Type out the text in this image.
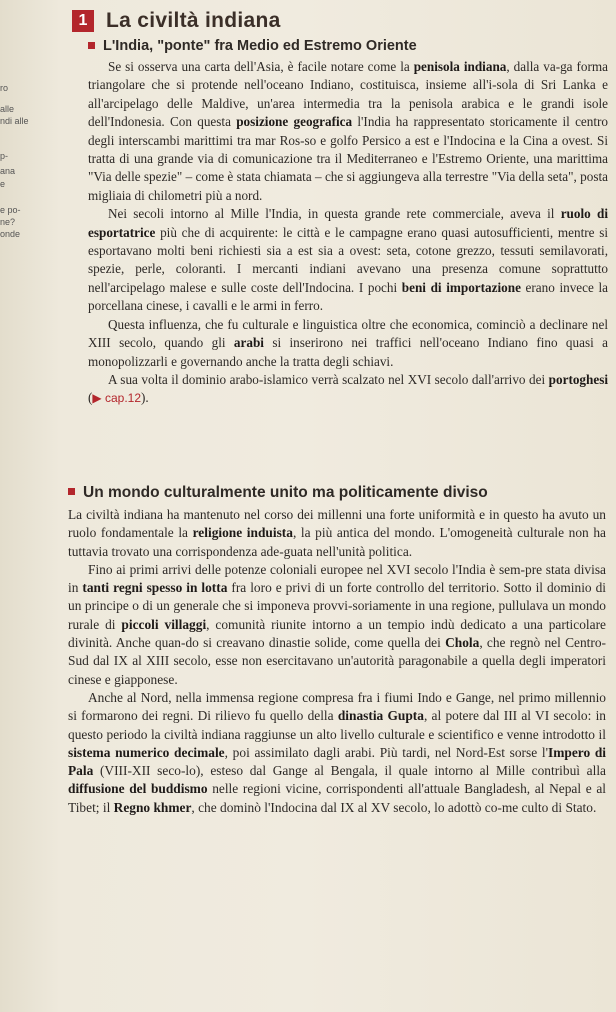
1 La civiltà indiana
ro
alle
ndi alle
p-
ana
e
e po-
ne?
onde
L'India, "ponte" fra Medio ed Estremo Oriente

Se si osserva una carta dell'Asia, è facile notare come la penisola indiana, dalla va-ga forma triangolare che si protende nell'oceano Indiano, costituisca, insieme all'i-sola di Sri Lanka e all'arcipelago delle Maldive, un'area intermedia tra la penisola arabica e le grandi isole dell'Indonesia. Con questa posizione geografica l'India ha rappresentato storicamente il centro degli interscambi marittimi tra mar Ros-so e golfo Persico a est e l'Indocina e la Cina a ovest. Si tratta di una grande via di comunicazione tra il Mediterraneo e l'Estremo Oriente, una marittima "Via delle spezie" – come è stata chiamata – che si aggiungeva alla terrestre "Via della seta", posta migliaia di chilometri più a nord.

Nei secoli intorno al Mille l'India, in questa grande rete commerciale, aveva il ruolo di esportatrice più che di acquirente: le città e le campagne erano quasi autosufficienti, mentre si esportavano molti beni richiesti sia a est sia a ovest: seta, cotone grezzo, tessuti semilavorati, spezie, perle, coloranti. I mercanti indiani avevano una presenza comune soprattutto nell'arcipelago malese e sulle coste dell'Indocina. I pochi beni di importazione erano invece la porcellana cinese, i cavalli e le armi in ferro.

Questa influenza, che fu culturale e linguistica oltre che economica, cominciò a declinare nel XIII secolo, quando gli arabi si inserirono nei traffici nell'oceano Indiano fino quasi a monopolizzarli e governando anche la tratta degli schiavi.

A sua volta il dominio arabo-islamico verrà scalzato nel XVI secolo dall'arrivo dei portoghesi (▶ cap.12).

Un mondo culturalmente unito ma politicamente diviso

La civiltà indiana ha mantenuto nel corso dei millenni una forte uniformità e in questo ha avuto un ruolo fondamentale la religione induista, la più antica del mondo. L'omogeneità culturale non ha tuttavia trovato una corrispondenza ade-guata nell'unità politica.

Fino ai primi arrivi delle potenze coloniali europee nel XVI secolo l'India è sem-pre stata divisa in tanti regni spesso in lotta fra loro e privi di un forte controllo del territorio. Sotto il dominio di un principe o di un generale che si imponeva provvi-soriamente in una regione, pullulava un mondo rurale di piccoli villaggi, comunità riunite intorno a un tempio indù dedicato a una particolare divinità. Anche quan-do si creavano dinastie solide, come quella dei Chola, che regnò nel Centro-Sud dal IX al XIII secolo, esse non esercitavano un'autorità paragonabile a quella degli imperatori cinese e giapponese.

Anche al Nord, nella immensa regione compresa fra i fiumi Indo e Gange, nel primo millennio si formarono dei regni. Di rilievo fu quello della dinastia Gupta, al potere dal III al VI secolo: in questo periodo la civiltà indiana raggiunse un alto livello culturale e scientifico e venne introdotto il sistema numerico decimale, poi assimilato dagli arabi. Più tardi, nel Nord-Est sorse l'Impero di Pala (VIII-XII seco-lo), esteso dal Gange al Bengala, il quale intorno al Mille contribuì alla diffusione del buddismo nelle regioni vicine, corrispondenti all'attuale Bangladesh, al Nepal e al Tibet; il Regno khmer, che dominò l'Indocina dal IX al XV secolo, lo adottò co-me culto di Stato.
